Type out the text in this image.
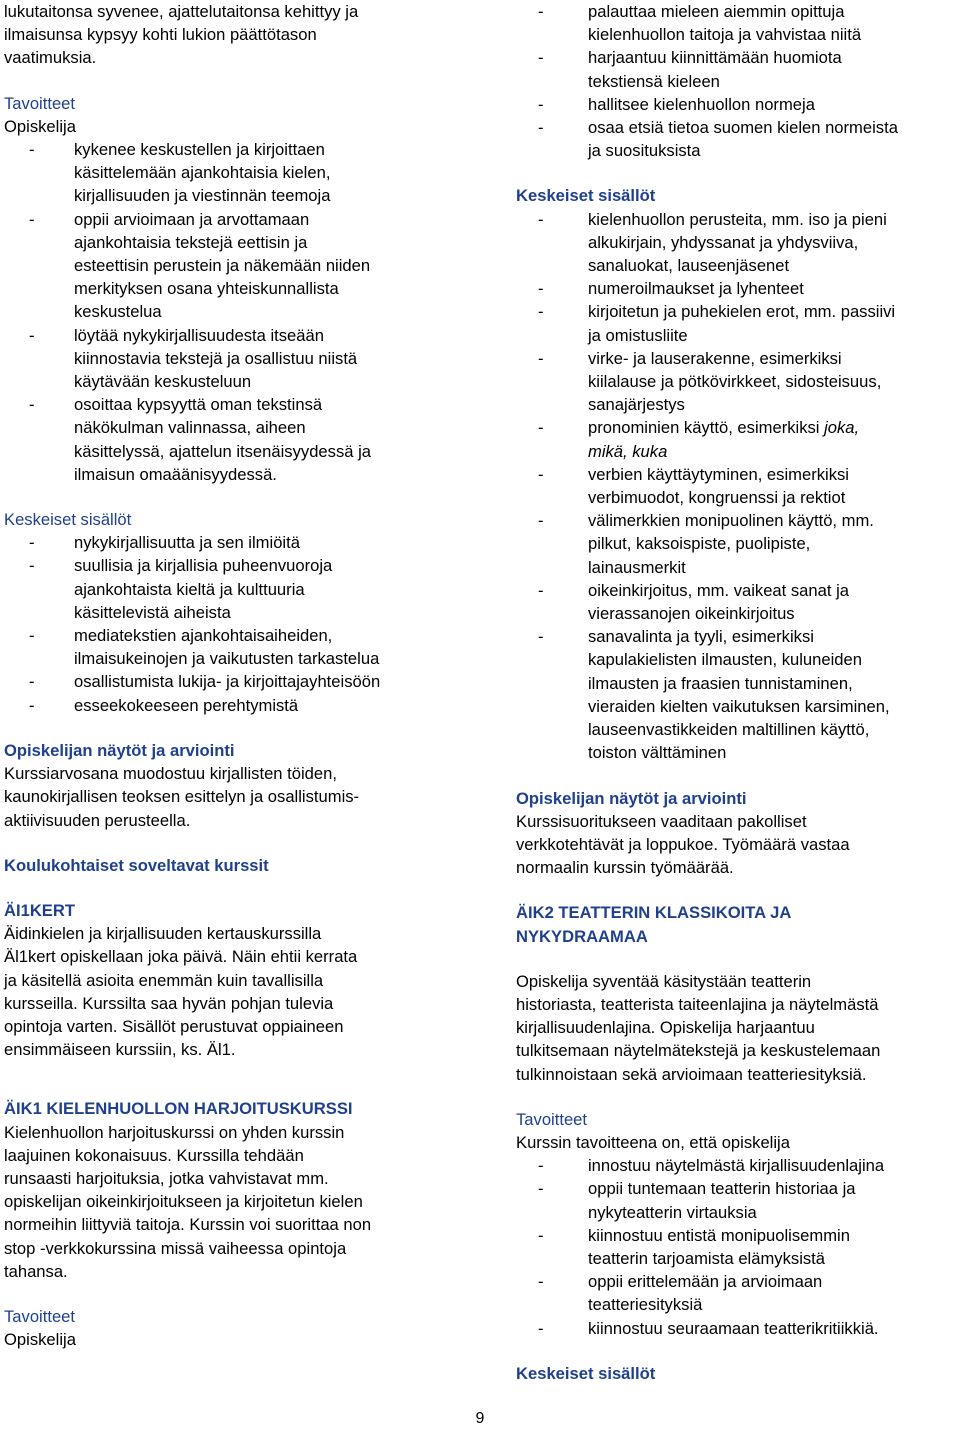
lukutaitonsa syvenee, ajattelutaitonsa kehittyy ja
ilmaisunsa kypsyy kohti lukion päättötason
vaatimuksia.
Tavoitteet
Opiskelija
- kykenee keskustellen ja kirjoittaen
käsittelemään ajankohtaisia kielen,
kirjallisuuden ja viestinnän teemoja
- oppii arvioimaan ja arvottamaan
ajankohtaisia tekstejä eettisin ja
esteettisin perustein ja näkemään niiden
merkityksen osana yhteiskunnallista
keskustelua
- löytää nykykirjallisuudesta itseään
kiinnostavia tekstejä ja osallistuu niistä
käytävään keskusteluun
- osoittaa kypsyyttä oman tekstinsä
näkökulman valinnassa, aiheen
käsittelyssä, ajattelun itsenäisyydessä ja
ilmaisun omaäänisyydessä.
Keskeiset sisällöt
- nykykirjallisuutta ja sen ilmiöitä
- suullisia ja kirjallisia puheenvuoroja
ajankohtaista kieltä ja kulttuuria
käsittelevistä aiheista
- mediatekstien ajankohtaisaiheiden,
ilmaisukeinojen ja vaikutusten tarkastelua
- osallistumista lukija- ja kirjoittajayhteisöön
- esseekokeeseen perehtymistä
Opiskelijan näytöt ja arviointi
Kurssiarvosana muodostuu kirjallisten töiden,
kaunokirjallisen teoksen esittelyn ja osallistumis-
aktiivisuuden perusteella.
Koulukohtaiset soveltavat kurssit
ÄI1KERT
Äidinkielen ja kirjallisuuden kertauskurssilla
Äl1kert opiskellaan joka päivä. Näin ehtii kerrata
ja käsitellä asioita enemmän kuin tavallisilla
kursseilla. Kurssilta saa hyvän pohjan tulevia
opintoja varten. Sisällöt perustuvat oppiaineen
ensimmäiseen kurssiin, ks. Äl1.
ÄIK1 KIELENHUOLLON HARJOITUSKURSSI
Kielenhuollon harjoituskurssi on yhden kurssin
laajuinen kokonaisuus. Kurssilla tehdään
runsaasti harjoituksia, jotka vahvistavat mm.
opiskelijan oikeinkirjoitukseen ja kirjoitetun kielen
normeihin liittyviä taitoja. Kurssin voi suorittaa non
stop -verkkokurssina missä vaiheessa opintoja
tahansa.
Tavoitteet
Opiskelija
-	palauttaa mieleen aiemmin opittuja
kielenhuollon taitoja ja vahvistaa niitä
-	harjaantuu kiinnittämään huomiota
tekstiensä kieleen
-	hallitsee kielenhuollon normeja
-	osaa etsiä tietoa suomen kielen normeista
ja suosituksista
Keskeiset sisällöt
-	kielenhuollon perusteita, mm. iso ja pieni
alkukirjain, yhdyssanat ja yhdysviiva,
sanaluokat, lauseenjäsenet
-	numeroilmaukset ja lyhenteet
-	kirjoitetun ja puhekielen erot, mm. passiivi
ja omistusliite
-	virke- ja lauserakenne, esimerkiksi
kiilalause ja pötkövirkkeet, sidosteisuus,
sanajärjestys
-	pronominien käyttö, esimerkiksi joka,
mikä, kuka
-	verbien käyttäytyminen, esimerkiksi
verbimuodot, kongruenssi ja rektiot
-	välimerkkien monipuolinen käyttö, mm.
pilkut, kaksoispiste, puolipiste,
lainausmerkit
-	oikeinkirjoitus, mm. vaikeat sanat ja
vierassanojen oikeinkirjoitus
-	sanavalinta ja tyyli, esimerkiksi
kapulakielisten ilmausten, kuluneiden
ilmausten ja fraasien tunnistaminen,
vieraiden kielten vaikutuksen karsiminen,
lauseenvastikkeiden maltillinen käyttö,
toiston välttäminen
Opiskelijan näytöt ja arviointi
Kurssisuoritukseen vaaditaan pakolliset
verkkotehtävät ja loppukoe. Työmäärä vastaa
normaalin kurssin työmäärää.
ÄIK2 TEATTERIN KLASSIKOITA JA
NYKYDRAAMAA
Opiskelija syventää käsitystään teatterin
historiasta, teatterista taiteenlajina ja näytelmästä
kirjallisuudenlajina. Opiskelija harjaantuu
tulkitsemaan näytelmätekstejä ja keskustelemaan
tulkinnoistaan sekä arvioimaan teatteriesityksiä.
Tavoitteet
Kurssin tavoitteena on, että opiskelija
-	innostuu näytelmästä kirjallisuudenlajina
-	oppii tuntemaan teatterin historiaa ja
nykyteatterin virtauksia
-	kiinnostuu entistä monipuolisemmin
teatterin tarjoamista elämyksistä
-	oppii erittelemään ja arvioimaan
teatteriesityksiä
-	kiinnostuu seuraamaan teatterikritiikkiä.
Keskeiset sisällöt
9
